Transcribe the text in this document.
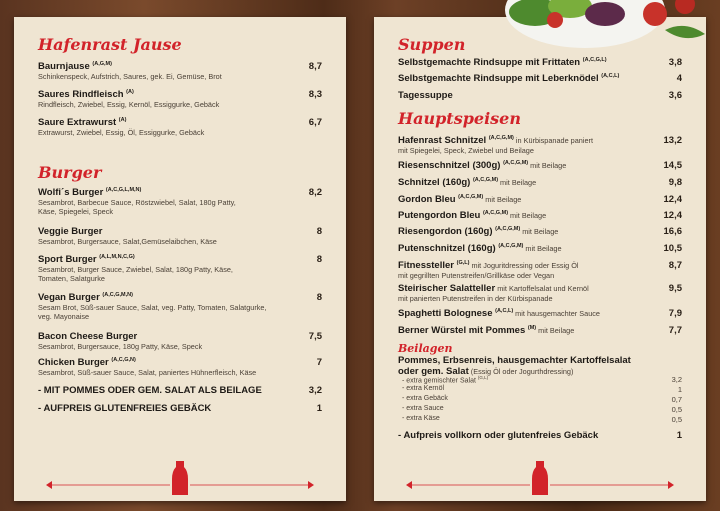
Hafenrast Jause
Baurnjause $^{(A,G,M)}$
Schinkenspeck, Aufstrich, Saures, gek. Ei, Gemüse, Brot
8,7
Saures Rindfleisch $^{(A)}$
Rindfleisch, Zwiebel, Essig, Kernöl, Essiggurke, Gebäck
8,3
Saure Extrawurst $^{(A)}$
Extrawurst, Zwiebel, Essig, Öl, Essiggurke, Gebäck
6,7
Burger
Wolfi´s Burger $^{(A,C,G,L,M,N)}$
Sesambrot, Barbecue Sauce, Röstzwiebel, Salat, 180g Patty,
Käse, Spiegelei, Speck
8,2
Veggie Burger
Sesambrot, Burgersauce, Salat,Gemüselaibchen, Käse
8
Sport Burger $^{(A,L,M,N,C,G)}$
Sesambrot, Burger Sauce, Zwiebel, Salat, 180g Patty, Käse,
Tomaten, Salatgurke
8
Vegan Burger $^{(A,C,G,M,N)}$
Sesam Brot, Süß-sauer Sauce, Salat, veg. Patty, Tomaten, Salatgurke,
veg. Mayonaise
8
Bacon Cheese Burger
Sesambrot, Burgersauce, 180g Patty, Käse, Speck
7,5
Chicken Burger $^{(A,C,G,N)}$
Sesambrot, Süß-sauer Sauce, Salat, paniertes Hühnerfleisch, Käse
7
- MIT POMMES ODER GEM. SALAT ALS BEILAGE	3,2
- AUFPREIS GLUTENFREIES GEBÄCK	1
Suppen
Selbstgemachte Rindsuppe mit Frittaten $^{(A,C,G,L)}$	3,8
Selbstgemachte Rindsuppe mit Leberknödel $^{(A,C,L)}$	4
Tagessuppe	3,6
Hauptspeisen
Hafenrast Schnitzel $^{(A,C,G,M)}$ in Kürbispanade paniert
mit Spiegelei, Speck, Zwiebel und Beilage
13,2
Riesenschnitzel (300g) $^{(A,C,G,M)}$ mit Beilage	14,5
Schnitzel (160g) $^{(A,C,G,M)}$ mit Beilage	9,8
Gordon Bleu $^{(A,C,G,M)}$ mit Beilage	12,4
Putengordon Bleu $^{(A,C,G,M)}$ mit Beilage	12,4
Riesengordon (160g) $^{(A,C,G,M)}$ mit Beilage	16,6
Putenschnitzel (160g) $^{(A,C,G,M)}$ mit Beilage	10,5
Fitnessteller $^{(G,L)}$ mit Joguritdressing oder Essig Öl
mit gegrillten Putenstreifen/Grillkäse oder Vegan
8,7
Steirischer Salatteller mit Kartoffelsalat und Kernöl
mit panierten Putenstreifen in der Kürbispanade
9,5
Spaghetti Bolognese $^{(A,C,L)}$ mit hausgemachter Sauce	7,9
Berner Würstel mit Pommes $^{(M)}$ mit Beilage	7,7
Beilagen
Pommes, Erbsenreis, hausgemachter Kartoffelsalat
oder gem. Salat (Essig Öl oder Jogurthdressing)
- extra gemischter Salat $^{(G,L)}$	3,2
- extra Kernöl	1
- extra Gebäck	0,7
- extra Sauce	0,5
- extra Käse	0,5
- Aufpreis vollkorn oder glutenfreies Gebäck	1
